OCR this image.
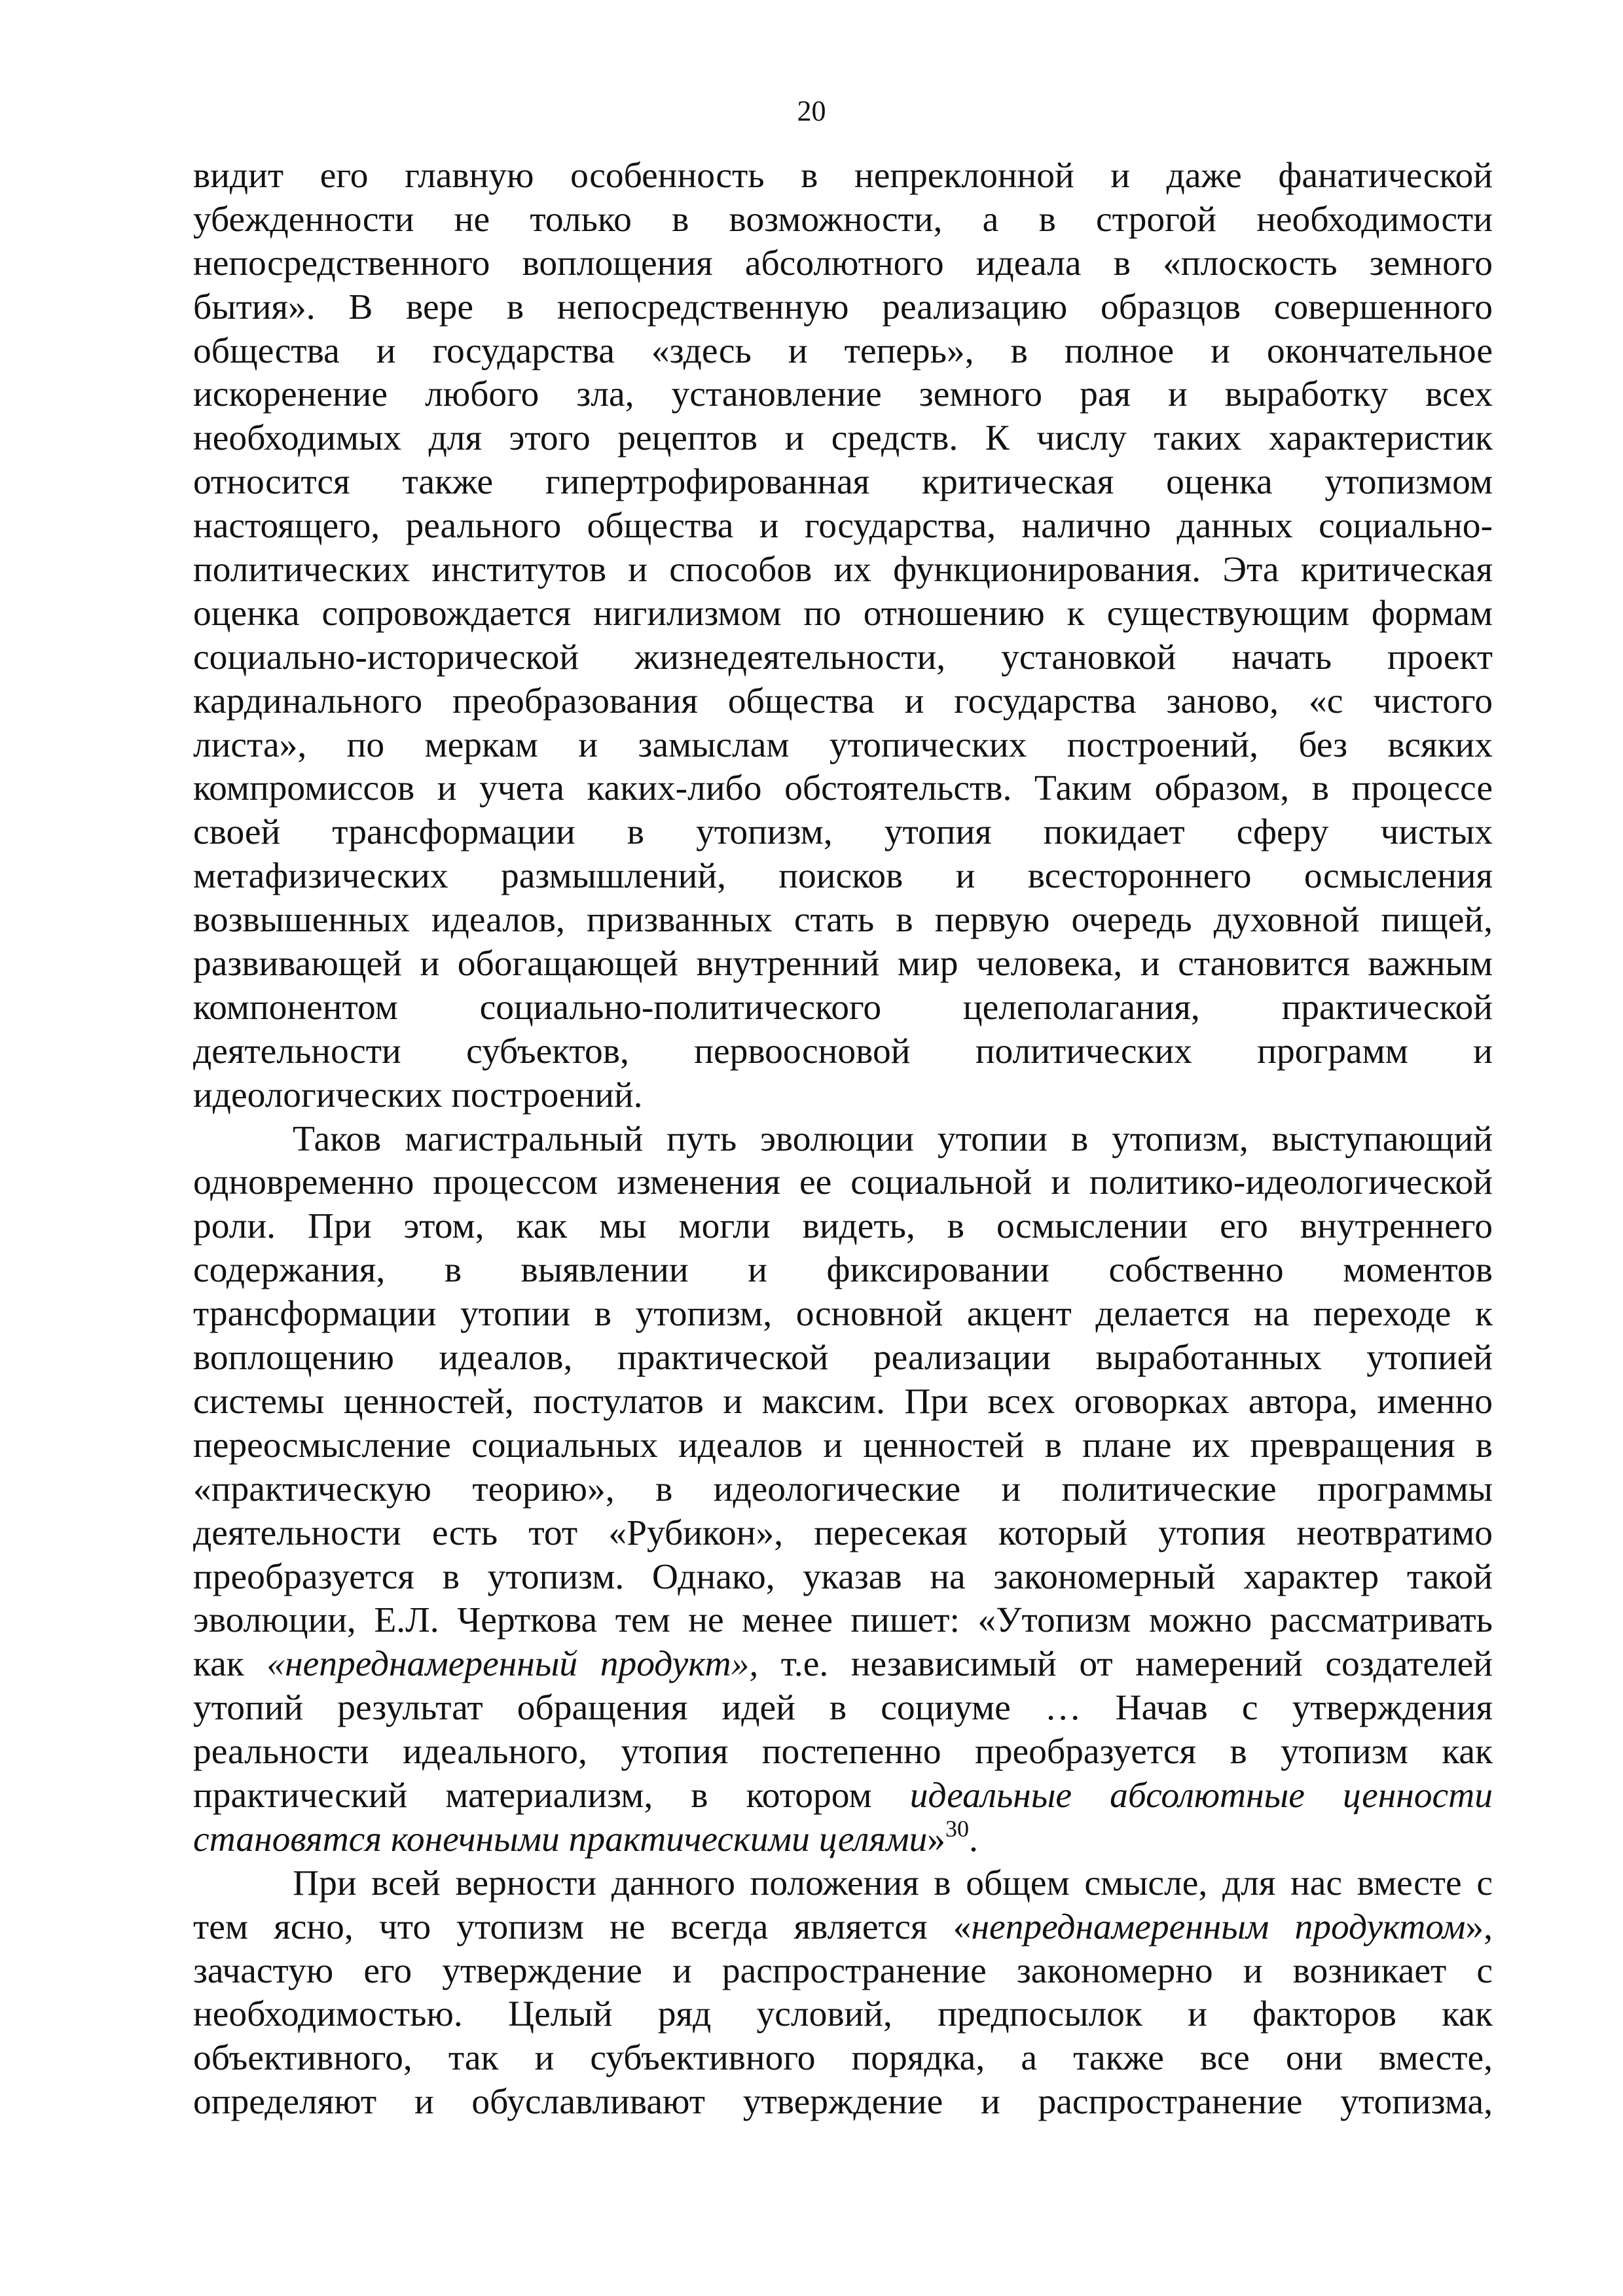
20
видит его главную особенность в непреклонной и даже фанатической
убежденности не только в возможности, а в строгой необходимости
непосредственного воплощения абсолютного идеала в «плоскость земного
бытия». В вере в непосредственную реализацию образцов совершенного
общества и государства «здесь и теперь», в полное и окончательное
искоренение любого зла, установление земного рая и выработку всех
необходимых для этого рецептов и средств. К числу таких характеристик
относится также гипертрофированная критическая оценка утопизмом
настоящего, реального общества и государства, налично данных социально-
политических институтов и способов их функционирования. Эта критическая
оценка сопровождается нигилизмом по отношению к существующим формам
социально-исторической жизнедеятельности, установкой начать проект
кардинального преобразования общества и государства заново, «с чистого
листа», по меркам и замыслам утопических построений, без всяких
компромиссов и учета каких-либо обстоятельств. Таким образом, в процессе
своей трансформации в утопизм, утопия покидает сферу чистых
метафизических размышлений, поисков и всестороннего осмысления
возвышенных идеалов, призванных стать в первую очередь духовной пищей,
развивающей и обогащающей внутренний мир человека, и становится важным
компонентом социально-политического целеполагания, практической
деятельности субъектов, первоосновой политических программ и
идеологических построений.
Таков магистральный путь эволюции утопии в утопизм, выступающий
одновременно процессом изменения ее социальной и политико-идеологической
роли. При этом, как мы могли видеть, в осмыслении его внутреннего
содержания, в выявлении и фиксировании собственно моментов
трансформации утопии в утопизм, основной акцент делается на переходе к
воплощению идеалов, практической реализации выработанных утопией
системы ценностей, постулатов и максим. При всех оговорках автора, именно
переосмысление социальных идеалов и ценностей в плане их превращения в
«практическую теорию», в идеологические и политические программы
деятельности есть тот «Рубикон», пересекая который утопия неотвратимо
преобразуется в утопизм. Однако, указав на закономерный характер такой
эволюции, Е.Л. Черткова тем не менее пишет: «Утопизм можно рассматривать
как «непреднамеренный продукт», т.е. независимый от намерений создателей
утопий результат обращения идей в социуме … Начав с утверждения
реальности идеального, утопия постепенно преобразуется в утопизм как
практический материализм, в котором идеальные абсолютные ценности
становятся конечными практическими целями»$^{30}$.
При всей верности данного положения в общем смысле, для нас вместе с
тем ясно, что утопизм не всегда является «непреднамеренным продуктом»,
зачастую его утверждение и распространение закономерно и возникает с
необходимостью. Целый ряд условий, предпосылок и факторов как
объективного, так и субъективного порядка, а также все они вместе,
определяют и обуславливают утверждение и распространение утопизма,
